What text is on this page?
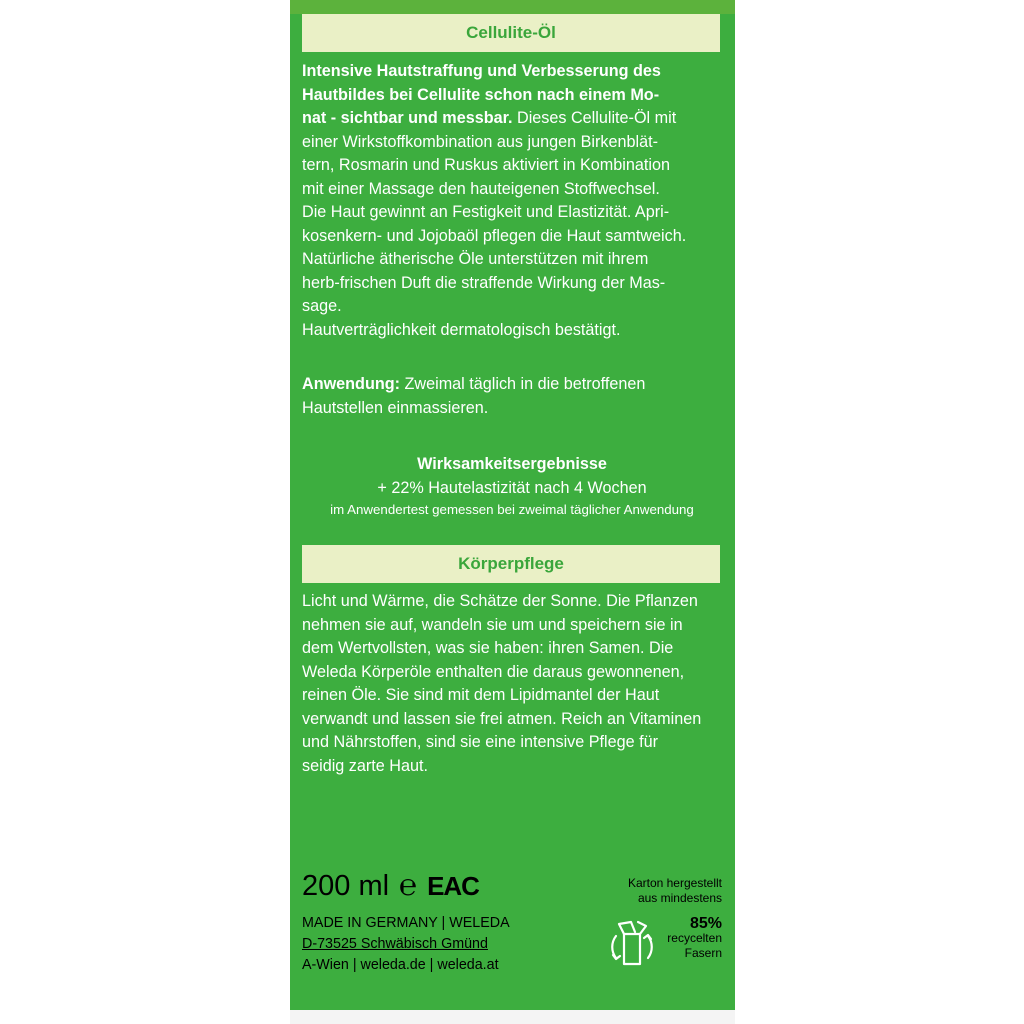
Cellulite-Öl
Intensive Hautstraffung und Verbesserung des
Hautbildes bei Cellulite schon nach einem Mo-
nat - sichtbar und messbar. Dieses Cellulite-Öl mit
einer Wirkstoffkombination aus jungen Birkenblät-
tern, Rosmarin und Ruskus aktiviert in Kombination
mit einer Massage den hauteigenen Stoffwechsel.
Die Haut gewinnt an Festigkeit und Elastizität. Apri-
kosenkern- und Jojobaöl pflegen die Haut samtweich.
Natürliche ätherische Öle unterstützen mit ihrem
herb-frischen Duft die straffende Wirkung der Mas-
sage.
Hautverträglichkeit dermatologisch bestätigt.
Anwendung: Zweimal täglich in die betroffenen
Hautstellen einmassieren.
Wirksamkeitsergebnisse
+ 22% Hautelastizität nach 4 Wochen
im Anwendertest gemessen bei zweimal täglicher Anwendung
Körperpflege
Licht und Wärme, die Schätze der Sonne. Die Pflanzen
nehmen sie auf, wandeln sie um und speichern sie in
dem Wertvollsten, was sie haben: ihren Samen. Die
Weleda Körperöle enthalten die daraus gewonnenen,
reinen Öle. Sie sind mit dem Lipidmantel der Haut
verwandt und lassen sie frei atmen. Reich an Vitaminen
und Nährstoffen, sind sie eine intensive Pflege für
seidig zarte Haut.
200 ml ℮ EAC
MADE IN GERMANY | WELEDA
D-73525 Schwäbisch Gmünd
A-Wien | weleda.de | weleda.at
Karton hergestellt
aus mindestens
85%
recycelten
Fasern
